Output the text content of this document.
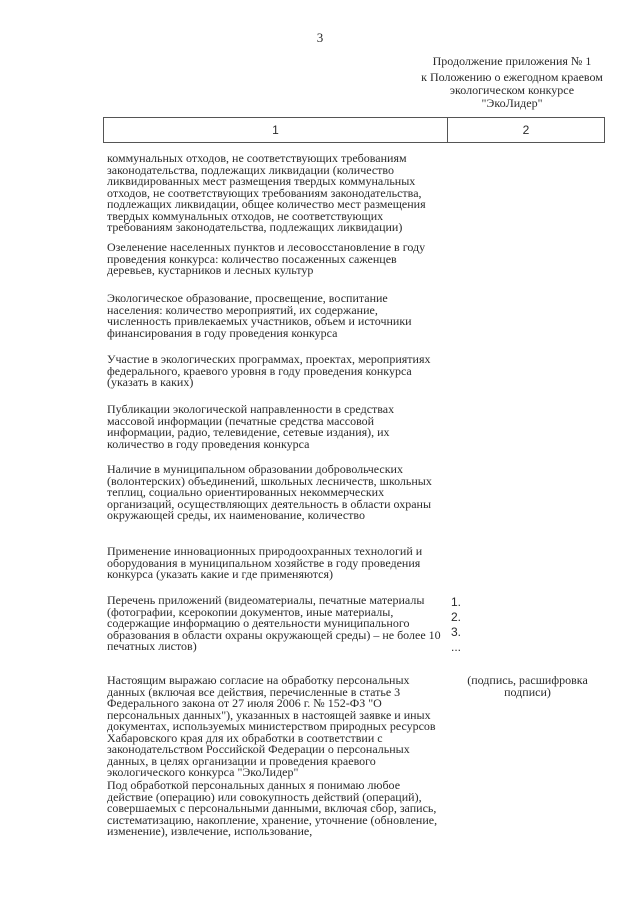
3
Продолжение приложения № 1
к Положению о ежегодном краевом
экологическом конкурсе
"ЭкоЛидер"
1	2
коммунальных отходов, не соответствующих требованиям законодательства, подлежащих ликвидации (количество ликвидированных мест размещения твердых коммунальных отходов, не соответствующих требованиям законодательства, подлежащих ликвидации, общее количество мест размещения твердых коммунальных отходов, не соответствующих требованиям законодательства, подлежащих ликвидации)
Озеленение населенных пунктов и лесовосстановление в году проведения конкурса: количество посаженных саженцев деревьев, кустарников и лесных культур
Экологическое образование, просвещение, воспитание населения: количество мероприятий, их содержание, численность привлекаемых участников, объем и источники финансирования в году проведения конкурса
Участие в экологических программах, проектах, мероприятиях федерального, краевого уровня в году проведения конкурса (указать в каких)
Публикации экологической направленности в средствах массовой информации (печатные средства массовой информации, радио, телевидение, сетевые издания), их количество в году проведения конкурса
Наличие в муниципальном образовании добровольческих (волонтерских) объединений, школьных лесничеств, школьных теплиц, социально ориентированных некоммерческих организаций, осуществляющих деятельность в области охраны окружающей среды, их наименование, количество
Применение инновационных природоохранных технологий и оборудования в муниципальном хозяйстве в году проведения конкурса (указать какие и где применяются)
Перечень приложений (видеоматериалы, печатные материалы (фотографии, ксерокопии документов, иные материалы, содержащие информацию о деятельности муниципального образования в области охраны окружающей среды) – не более 10 печатных листов)
Настоящим выражаю согласие на обработку персональных данных (включая все действия, перечисленные в статье 3 Федерального закона от 27 июля 2006 г. № 152-ФЗ "О персональных данных"), указанных в настоящей заявке и иных документах, используемых министерством природных ресурсов Хабаровского края для их обработки в соответствии с законодательством Российской Федерации о персональных данных, в целях организации и проведения краевого экологического конкурса "ЭкоЛидер"
Под обработкой персональных данных я понимаю любое действие (операцию) или совокупность действий (операций), совершаемых с персональными данными, включая сбор, запись, систематизацию, накопление, хранение, уточнение (обновление, изменение), извлечение, использование,
1.
2.
3.
...
(подпись, расшифровка подписи)
